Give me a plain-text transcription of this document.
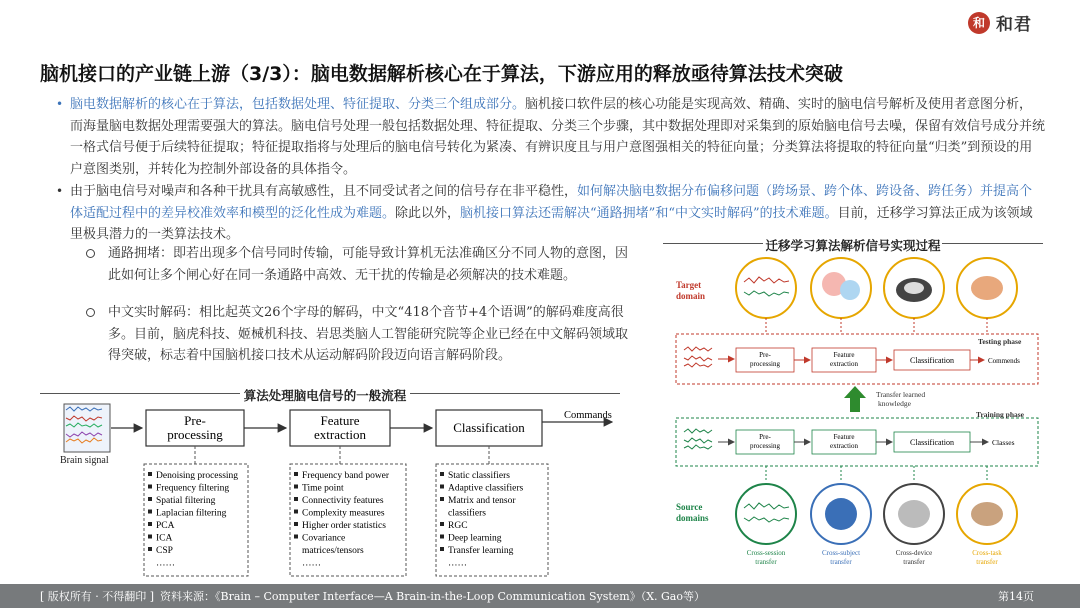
和 和君
脑机接口的产业链上游（3/3）：脑电数据解析核心在于算法，下游应用的释放亟待算法技术突破
• 脑电数据解析的核心在于算法，包括数据处理、特征提取、分类三个组成部分。脑机接口软件层的核心功能是实现高效、精确、实时的脑电信号解析及使用者意图分析，而海量脑电数据处理需要强大的算法。脑电信号处理一般包括数据处理、特征提取、分类三个步骤，其中数据处理即对采集到的原始脑电信号去噪，保留有效信号成分并统一格式信号便于后续特征提取；特征提取指将与处理后的脑电信号转化为紧凑、有辨识度且与用户意图强相关的特征向量；分类算法将提取的特征向量“归类”到预设的用户意图类别，并转化为控制外部设备的具体指令。
• 由于脑电信号对噪声和各种干扰具有高敏感性，且不同受试者之间的信号存在非平稳性，如何解决脑电数据分布偏移问题（跨场景、跨个体、跨设备、跨任务）并提高个体适配过程中的差异校准效率和模型的泛化性成为难题。除此以外，脑机接口算法还需解决“通路拥堵”和“中文实时解码”的技术难题。目前，迁移学习算法正成为该领域里极具潜力的一类算法技术。
通路拥堵：即若出现多个信号同时传输，可能导致计算机无法准确区分不同人物的意图，因此如何让多个闸心好在同一条通路中高效、无干扰的传输是必须解决的技术难题。
中文实时解码：相比起英文26个字母的解码，中文“418个音节+4个语调”的解码难度高很多。目前，脑虎科技、姬械机科技、岩思类脑人工智能研究院等企业已经在中文解码领域取得突破，标志着中国脑机接口技术从运动解码阶段迈向语言解码阶段。
算法处理脑电信号的一般流程
Brain signal
Pre-
processing
Feature
extraction	Classification
Commands
Denoising processing
Frequency filtering
Spatial filtering
Laplacian filtering
PCA
ICA
CSP
……
Frequency band power
Time point
Connectivity features
Complexity measures
Higher order statistics
Covariance
matrices/tensors
……
Static classifiers
Adaptive classifiers
Matrix and tensor
classifiers
RGC
Deep learning
Transfer learning
……
迁移学习算法解析信号实现过程
Target
domain
Testing phase
Pre-
processing
Feature
extraction	Classification	Commends
Transfer learned
knowledge
Training phase
Pre-
processing
Feature
extraction	Classification	Classes
Source
domains
Cross-session
transfer
Cross-subject
transfer
Cross-device
transfer
Cross-task
transfer
[ 版权所有 · 不得翻印 ] 资料来源：《Brain – Computer Interface—A Brain-in-the-Loop Communication System》（X. Gao等）	第14页
